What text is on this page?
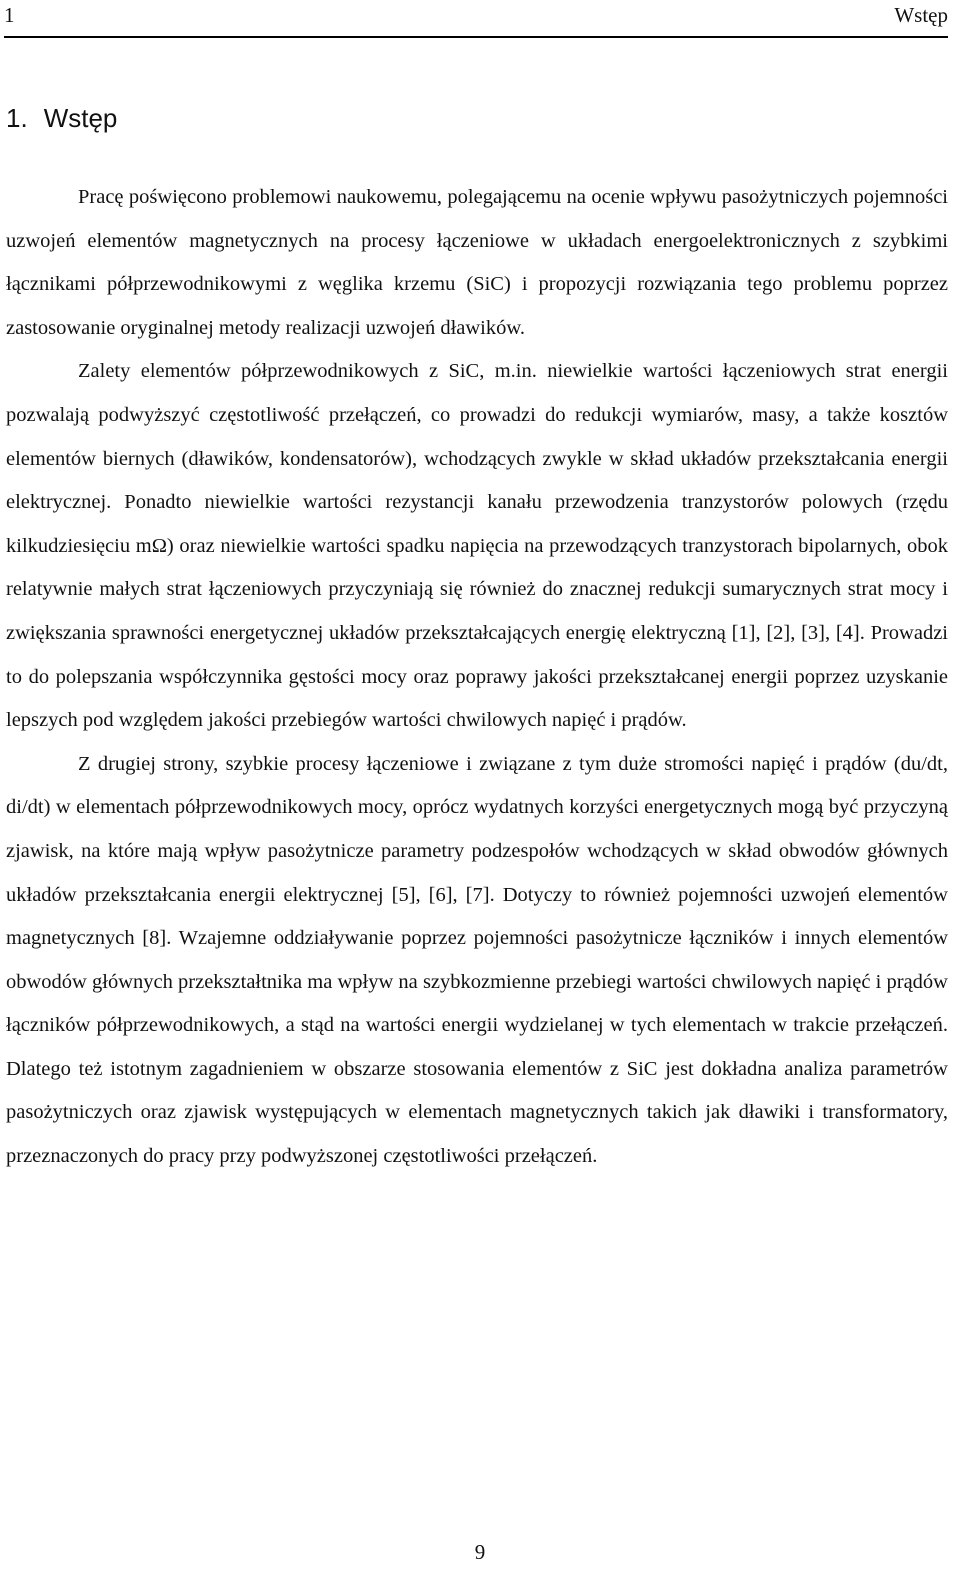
1	Wstęp
1. Wstęp

Pracę poświęcono problemowi naukowemu, polegającemu na ocenie wpływu pasożytniczych pojemności uzwojeń elementów magnetycznych na procesy łączeniowe w układach energoelektronicznych z szybkimi łącznikami półprzewodnikowymi z węglika krzemu (SiC) i propozycji rozwiązania tego problemu poprzez zastosowanie oryginalnej metody realizacji uzwojeń dławików.

Zalety elementów półprzewodnikowych z SiC, m.in. niewielkie wartości łączeniowych strat energii pozwalają podwyższyć częstotliwość przełączeń, co prowadzi do redukcji wymiarów, masy, a także kosztów elementów biernych (dławików, kondensatorów), wchodzących zwykle w skład układów przekształcania energii elektrycznej. Ponadto niewielkie wartości rezystancji kanału przewodzenia tranzystorów polowych (rzędu kilkudziesięciu mΩ) oraz niewielkie wartości spadku napięcia na przewodzących tranzystorach bipolarnych, obok relatywnie małych strat łączeniowych przyczyniają się również do znacznej redukcji sumarycznych strat mocy i zwiększania sprawności energetycznej układów przekształcających energię elektryczną [1], [2], [3], [4]. Prowadzi to do polepszania współczynnika gęstości mocy oraz poprawy jakości przekształcanej energii poprzez uzyskanie lepszych pod względem jakości przebiegów wartości chwilowych napięć i prądów.

Z drugiej strony, szybkie procesy łączeniowe i związane z tym duże stromości napięć i prądów (du/dt, di/dt) w elementach półprzewodnikowych mocy, oprócz wydatnych korzyści energetycznych mogą być przyczyną zjawisk, na które mają wpływ pasożytnicze parametry podzespołów wchodzących w skład obwodów głównych układów przekształcania energii elektrycznej [5], [6], [7]. Dotyczy to również pojemności uzwojeń elementów magnetycznych [8]. Wzajemne oddziaływanie poprzez pojemności pasożytnicze łączników i innych elementów obwodów głównych przekształtnika ma wpływ na szybkozmienne przebiegi wartości chwilowych napięć i prądów łączników półprzewodnikowych, a stąd na wartości energii wydzielanej w tych elementach w trakcie przełączeń. Dlatego też istotnym zagadnieniem w obszarze stosowania elementów z SiC jest dokładna analiza parametrów pasożytniczych oraz zjawisk występujących w elementach magnetycznych takich jak dławiki i transformatory, przeznaczonych do pracy przy podwyższonej częstotliwości przełączeń.

9
